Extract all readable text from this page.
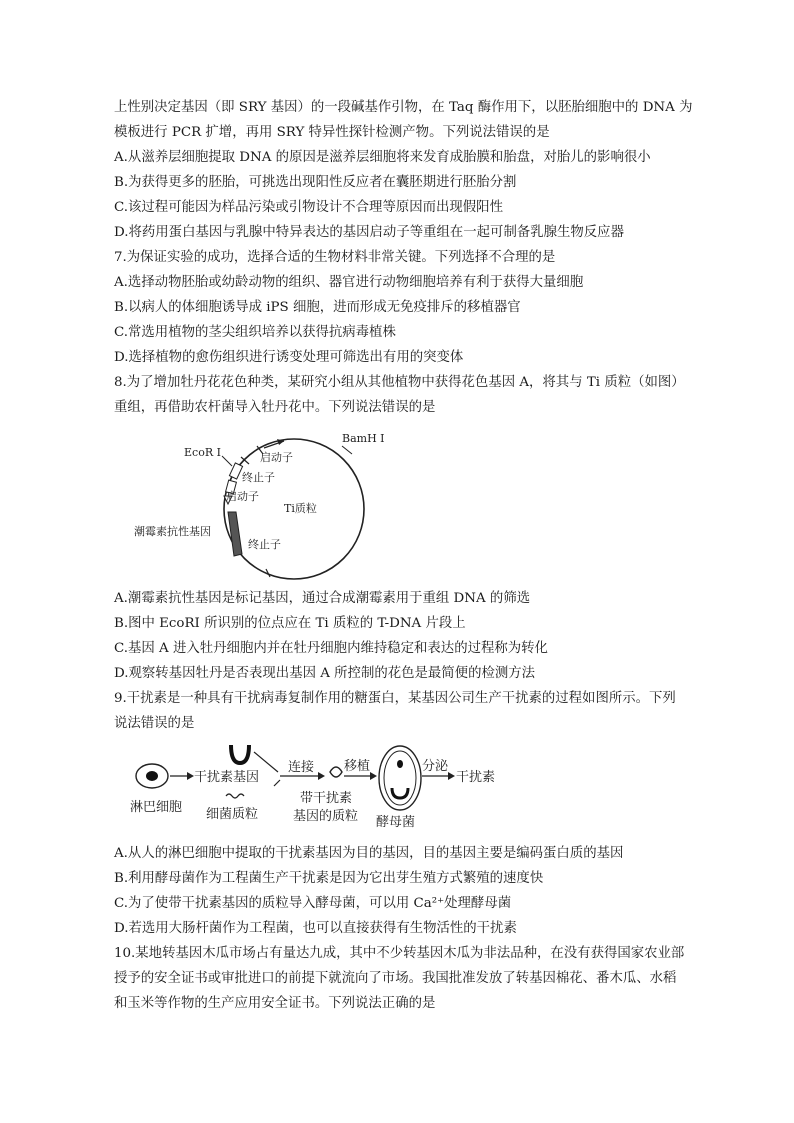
上性别决定基因（即 SRY 基因）的一段碱基作引物，在 Taq 酶作用下，以胚胎细胞中的 DNA 为
模板进行 PCR 扩增，再用 SRY 特异性探针检测产物。下列说法错误的是
A.从滋养层细胞提取 DNA 的原因是滋养层细胞将来发育成胎膜和胎盘，对胎儿的影响很小
B.为获得更多的胚胎，可挑选出现阳性反应者在囊胚期进行胚胎分割
C.该过程可能因为样品污染或引物设计不合理等原因而出现假阳性
D.将药用蛋白基因与乳腺中特异表达的基因启动子等重组在一起可制备乳腺生物反应器
7.为保证实验的成功，选择合适的生物材料非常关键。下列选择不合理的是
A.选择动物胚胎或幼龄动物的组织、器官进行动物细胞培养有利于获得大量细胞
B.以病人的体细胞诱导成 iPS 细胞，进而形成无免疫排斥的移植器官
C.常选用植物的茎尖组织培养以获得抗病毒植株
D.选择植物的愈伤组织进行诱变处理可筛选出有用的突变体
8.为了增加牡丹花花色种类，某研究小组从其他植物中获得花色基因 A，将其与 Ti 质粒（如图）
重组，再借助农杆菌导入牡丹花中。下列说法错误的是
EcoR I
BamH I
启动子
终止子
启动子
Ti质粒
潮霉素抗性基因
终止子
A.潮霉素抗性基因是标记基因，通过合成潮霉素用于重组 DNA 的筛选
B.图中 EcoRI 所识别的位点应在 Ti 质粒的 T-DNA 片段上
C.基因 A 进入牡丹细胞内并在牡丹细胞内维持稳定和表达的过程称为转化
D.观察转基因牡丹是否表现出基因 A 所控制的花色是最简便的检测方法
9.干扰素是一种具有干扰病毒复制作用的糖蛋白，某基因公司生产干扰素的过程如图所示。下列
说法错误的是
淋巴细胞
干扰素基因
细菌质粒
连接
带干扰素
基因的质粒
移植
酵母菌
分泌
干扰素
A.从人的淋巴细胞中提取的干扰素基因为目的基因，目的基因主要是编码蛋白质的基因
B.利用酵母菌作为工程菌生产干扰素是因为它出芽生殖方式繁殖的速度快
C.为了使带干扰素基因的质粒导入酵母菌，可以用 Ca²⁺处理酵母菌
D.若选用大肠杆菌作为工程菌，也可以直接获得有生物活性的干扰素
10.某地转基因木瓜市场占有量达九成，其中不少转基因木瓜为非法品种，在没有获得国家农业部
授予的安全证书或审批进口的前提下就流向了市场。我国批准发放了转基因棉花、番木瓜、水稻
和玉米等作物的生产应用安全证书。下列说法正确的是
